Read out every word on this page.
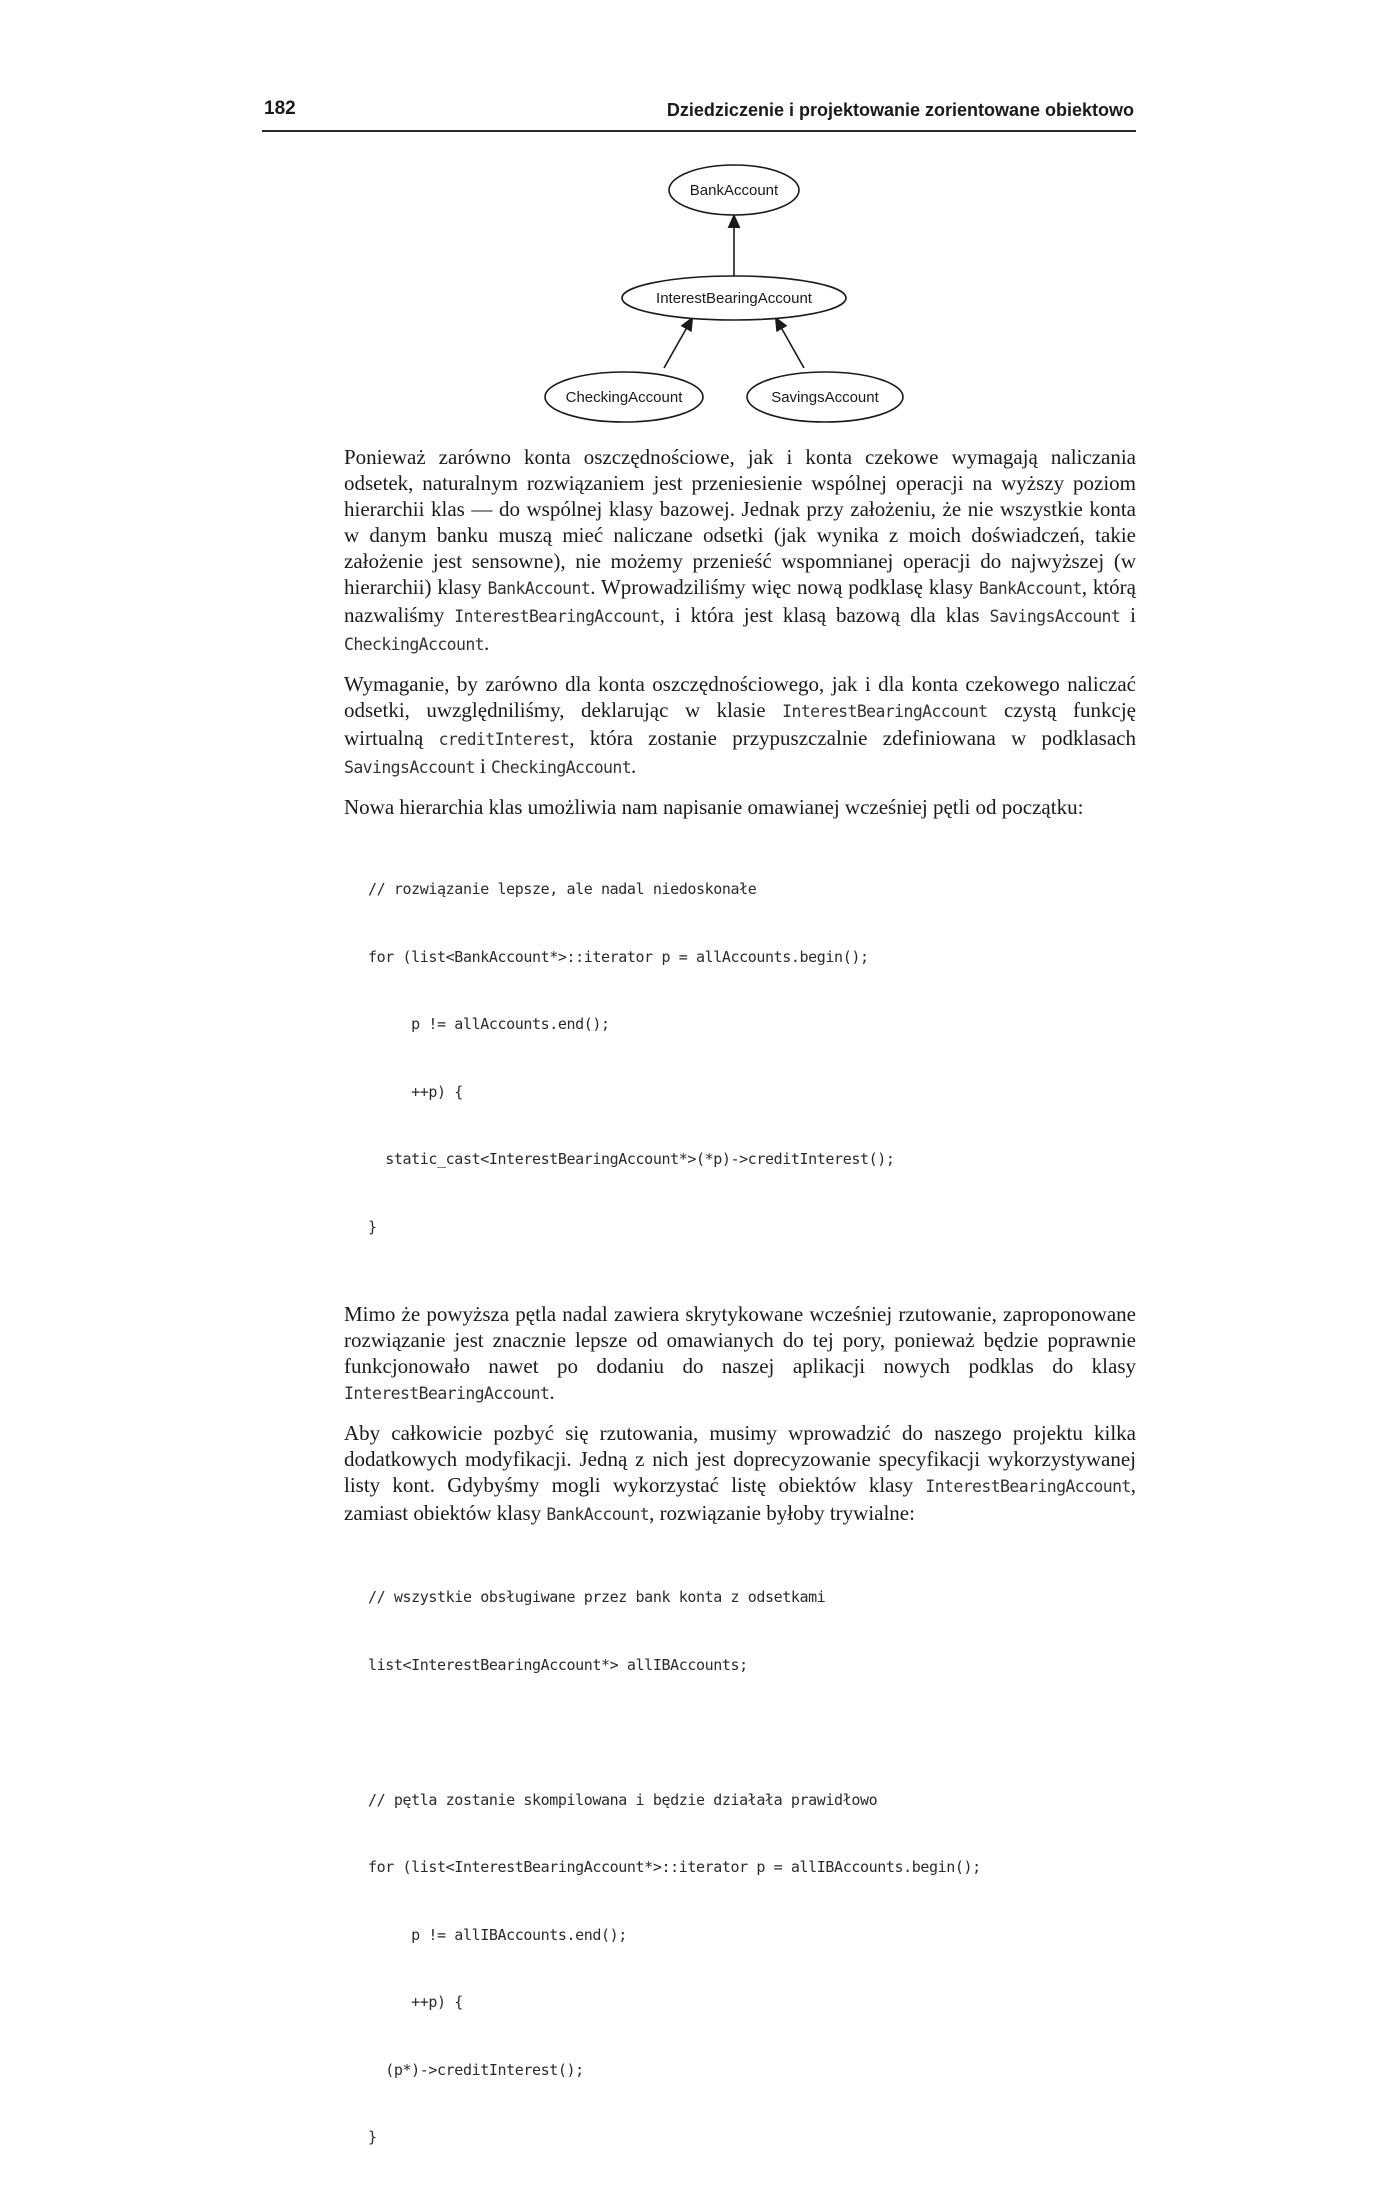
182	Dziedziczenie i projektowanie zorientowane obiektowo
BankAccount
InterestBearingAccount
CheckingAccount	SavingsAccount

Ponieważ zarówno konta oszczędnościowe, jak i konta czekowe wymagają naliczania odsetek, naturalnym rozwiązaniem jest przeniesienie wspólnej operacji na wyższy poziom hierarchii klas — do wspólnej klasy bazowej. Jednak przy założeniu, że nie wszystkie konta w danym banku muszą mieć naliczane odsetki (jak wynika z moich doświadczeń, takie założenie jest sensowne), nie możemy przenieść wspomnianej operacji do najwyższej (w hierarchii) klasy BankAccount. Wprowadziliśmy więc nową podklasę klasy BankAccount, którą nazwaliśmy InterestBearingAccount, i która jest klasą bazową dla klas SavingsAccount i CheckingAccount.

Wymaganie, by zarówno dla konta oszczędnościowego, jak i dla konta czekowego naliczać odsetki, uwzględniliśmy, deklarując w klasie InterestBearingAccount czystą funkcję wirtualną creditInterest, która zostanie przypuszczalnie zdefiniowana w podklasach SavingsAccount i CheckingAccount.

Nowa hierarchia klas umożliwia nam napisanie omawianej wcześniej pętli od początku:

// rozwiązanie lepsze, ale nadal niedoskonałe

for (list<BankAccount*>::iterator p = allAccounts.begin();

p != allAccounts.end();

++p) {

static_cast<InterestBearingAccount*>(*p)->creditInterest();

}

Mimo że powyższa pętla nadal zawiera skrytykowane wcześniej rzutowanie, zaproponowane rozwiązanie jest znacznie lepsze od omawianych do tej pory, ponieważ będzie poprawnie funkcjonowało nawet po dodaniu do naszej aplikacji nowych podklas do klasy InterestBearingAccount.

Aby całkowicie pozbyć się rzutowania, musimy wprowadzić do naszego projektu kilka dodatkowych modyfikacji. Jedną z nich jest doprecyzowanie specyfikacji wykorzystywanej listy kont. Gdybyśmy mogli wykorzystać listę obiektów klasy InterestBearingAccount, zamiast obiektów klasy BankAccount, rozwiązanie byłoby trywialne:

// wszystkie obsługiwane przez bank konta z odsetkami

list<InterestBearingAccount*> allIBAccounts;

// pętla zostanie skompilowana i będzie działała prawidłowo

for (list<InterestBearingAccount*>::iterator p = allIBAccounts.begin();

p != allIBAccounts.end();

++p) {

(p*)->creditInterest();

}
